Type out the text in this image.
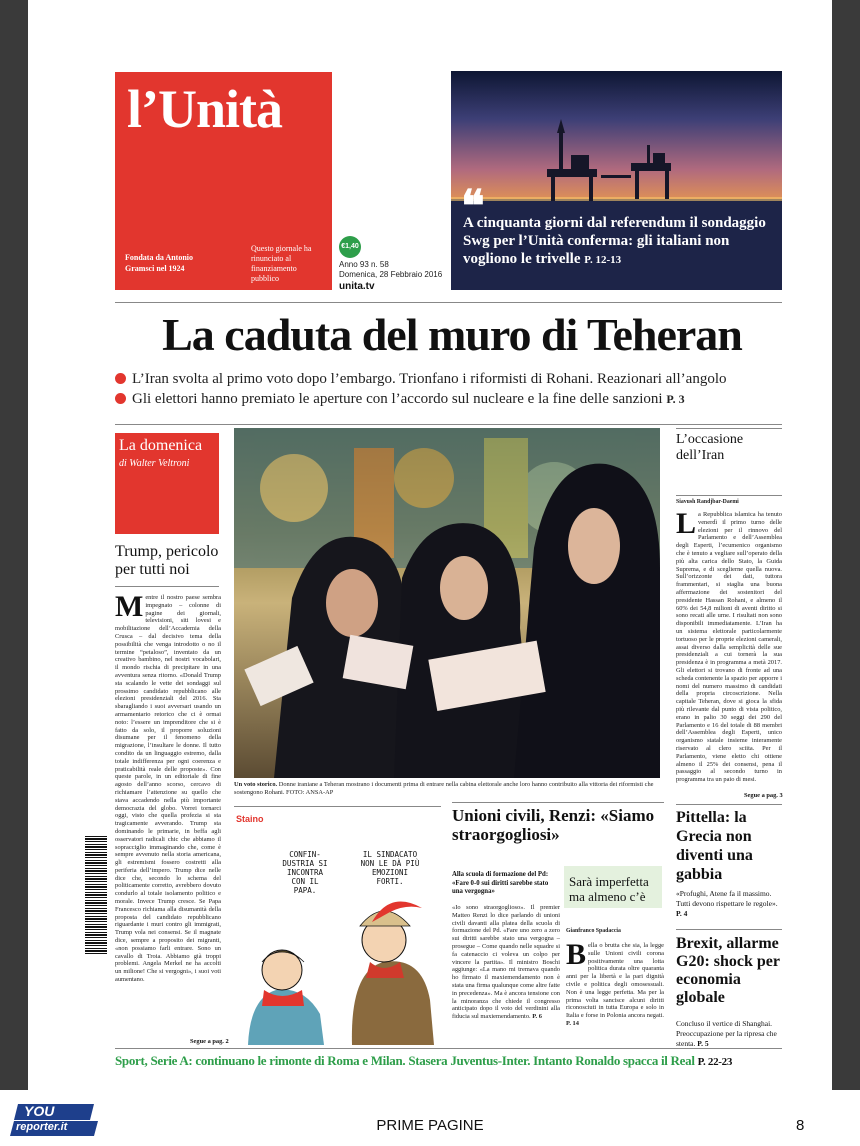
l’Unità
Fondata da Antonio Gramsci nel 1924
Questo giornale ha rinunciato al finanziamento pubblico
€1,40
Anno 93 n. 58
Domenica, 28 Febbraio 2016
unita.tv
❝
A cinquanta giorni dal referendum il sondaggio Swg per l’Unità conferma: gli italiani non vogliono le trivelle P. 12-13
La caduta del muro di Teheran
L’Iran svolta al primo voto dopo l’embargo. Trionfano i riformisti di Rohani. Reazionari all’angolo
Gli elettori hanno premiato le aperture con l’accordo sul nucleare e la fine delle sanzioni P. 3
La domenica
di Walter Veltroni
Trump, pericolo per tutti noi
Mentre il nostro paese sembra impegnato – colonne di pagine dei giornali, televisioni, siti lovesi e mobilitazione dell’Accademia della Crusca – dal decisivo tema della possibilità che venga introdotto o no il termine “petaloso”, inventato da un creativo bambino, nel nostri vocabolari, il mondo rischia di precipitare in una avventura senza ritorno. «Donald Trump sta scalando le vette dei sondaggi sul prossimo candidato repubblicano alle elezioni presidenziali del 2016. Sta sbaragliando i suoi avversari usando un armamentario retorico che ci è ormai noto: l’essere un imprenditore che si è fatto da solo, il proporre soluzioni disumane per il fenomeno della migrazione, l’insultare le donne. Il tutto condito da un linguaggio estremo, dalla totale indifferenza per ogni coerenza e praticabilità reale delle proposte». Con queste parole, in un editoriale di fine agosto dell’anno scorso, cercavo di richiamare l’attenzione su quello che stava accadendo nella più importante democrazia del globo. Vorrei tornarci oggi, visto che quella profezia si sta tragicamente avverando. Trump sta dominando le primarie, in beffa agli osservatori radicali chic che abbiamo il sopracciglio immaginando che, come è sempre avvenuto nella storia americana, gli estremismi fossero costretti alla periferia dell’impero. Trump dice nelle dice che, secondo lo schema del politicamente corretto, avrebbero dovuto condurlo al totale isolamento politico e morale. Invece Trump cresce. Se Papa Francesco richiama alla disumanità della proposta del candidato repubblicano riguardante i muri contro gli immigrati, Trump vola nei consensi. Se il magnate dice, sempre a proposito dei migranti, «non possiamo farli entrare. Sono un cavallo di Troia. Abbiamo già troppi problemi. Angela Merkel ne ha accolti un milione! Che si vergogni», i suoi voti aumentano.
Segue a pag. 2
Un voto storico. Donne iraniane a Teheran mostrano i documenti prima di entrare nella cabina elettorale anche loro hanno contribuito alla vittoria dei riformisti che sostengono Rohani. FOTO: ANSA-AP
L’occasione dell’Iran
Siavush Randjbar-Daemi
La Repubblica islamica ha tenuto venerdì il primo turno delle elezioni per il rinnovo del Parlamento e dell’Assemblea degli Esperti, l’ecumenico organismo che è tenuto a vegliare sull’operato della più alta carica dello Stato, la Guida Suprema, e di sceglierne quella nuova. Sull’orizzonte dei dati, tuttora frammentari, si staglia una buona affermazione dei sostenitori del presidente Hassan Rohani, e almeno il 60% dei 54,8 milioni di aventi diritto si sono recati alle urne. I risultati non sono disponibili immediatamente. L’Iran ha un sistema elettorale particolarmente tortuoso per le proprie elezioni camerali, assai diverso dalla semplicità delle sue presidenziali a cui tornerà la sua presidenza è in programma a metà 2017. Gli elettori si trovano di fronte ad una scheda contenente la spazio per apporre i nomi del numero massimo di candidati della propria circoscrizione. Nella capitale Teheran, dove si gioca la sfida più rilevante dal punto di vista politico, erano in palio 30 seggi dei 290 del Parlamento e 16 del totale di 88 membri dell’Assemblea degli Esperti, unico organismo statale insieme interamente riservato al clero sciita. Per il Parlamento, viene eletto chi ottiene almeno il 25% dei consensi, pena il passaggio al secondo turno in programma tra un paio di mesi.
Segue a pag. 3
Staino
CONFIN-
DUSTRIA SI
INCONTRA
CON IL
PAPA.
IL SINDACATO
NON LE DÀ PIÙ
EMOZIONI
FORTI.
Unioni civili, Renzi: «Siamo straorgogliosi»
Alla scuola di formazione del Pd: «Fare 0-0 sui diritti sarebbe stato una vergogna»
«Io sono straorgoglioso». Il premier Matteo Renzi lo dice parlando di unioni civili davanti alla platea della scuola di formazione del Pd. «Fare uno zero a zero sui diritti sarebbe stato una vergogna – prosegue – Come quando nelle squadre si fa catenaccio ci voleva un colpo per vincere la partita». Il ministro Boschi aggiunge: «La mano mi tremava quando ho firmato il maxiemendamento non è stata una firma qualunque come altre fatte in precedenza». Ma è ancora tensione con la minoranza che chiede il congresso anticipato dopo il voto del verdinini alla fiducia sul maxiemendamento. P. 6
Sarà imperfetta ma almeno c’è
Gianfranco Spadaccia
Bella o brutta che sia, la legge sulle Unioni civili corona positivamente una lotta politica durata oltre quaranta anni per la libertà e la pari dignità civile e politica degli omosessuali. Non è una legge perfetta. Ma per la prima volta sancisce alcuni diritti riconosciuti in tutta Europa e solo in Italia e forse in Polonia ancora negati. P. 14
Pittella: la Grecia non diventi una gabbia
«Profughi, Atene fa il massimo. Tutti devono rispettare le regole». P. 4
Brexit, allarme G20: shock per economia globale
Concluso il vertice di Shanghai. Preoccupazione per la ripresa che stenta. P. 5
Sport, Serie A: continuano le rimonte di Roma e Milan. Stasera Juventus-Inter. Intanto Ronaldo spacca il Real P. 22-23
YOU
reporter.it	PRIME PAGINE	8
